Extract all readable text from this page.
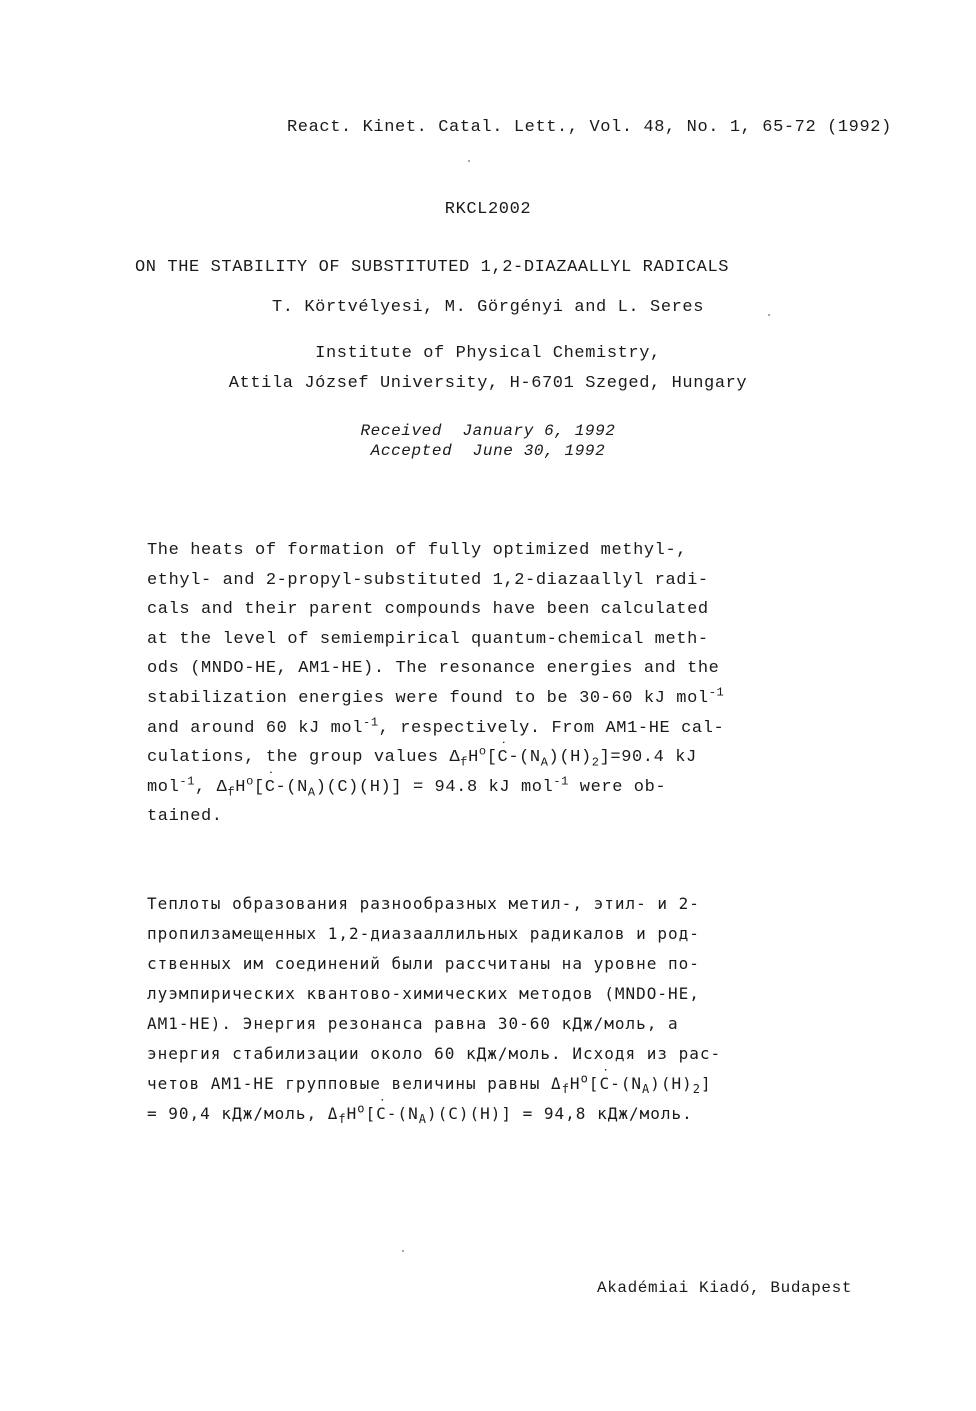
React. Kinet. Catal. Lett., Vol. 48, No. 1, 65-72 (1992)
RKCL2002
ON THE STABILITY OF SUBSTITUTED 1,2-DIAZAALLYL RADICALS
T. Körtvélyesi, M. Görgényi and L. Seres
Institute of Physical Chemistry,
Attila József University, H-6701 Szeged, Hungary
Received  January 6, 1992
Accepted  June 30, 1992
The heats of formation of fully optimized methyl-,
ethyl- and 2-propyl-substituted 1,2-diazaallyl radi-
cals and their parent compounds have been calculated
at the level of semiempirical quantum-chemical meth-
ods (MNDO-HE, AM1-HE). The resonance energies and the
stabilization energies were found to be 30-60 kJ mol$^{-1}$
and around 60 kJ mol$^{-1}$, respectively. From AM1-HE cal-
culations, the group values $\Delta_fH^o[˙$ $C-(N_A)(H)_2]=90.4$ kJ
mol$^{-1}$, $\Delta_fH^o[˙$ $C-(N_A)(C)(H)] = 94.8$ kJ mol$^{-1}$ were ob-
tained.
Теплоты образования разнообразных метил-, этил- и 2-
пропилзамещенных 1,2-диазааллильных радикалов и род-
ственных им соединений были рассчитаны на уровне по-
луэмпирических квантово-химических методов (MNDO-HE,
AM1-HE). Энергия резонанса равна 30-60 кДж/моль, а
энергия стабилизации около 60 кДж/моль. Исходя из рас-
четов AM1-HE групповые величины равны $\Delta_fH^o[˙$ $C-(N_A)(H)_2$]
= 90,4 кДж/моль, $\Delta_fH^o[˙$ $C-(N_A)(C)(H)] = 94,8$ кДж/моль.
Akadémiai Kiadó, Budapest
